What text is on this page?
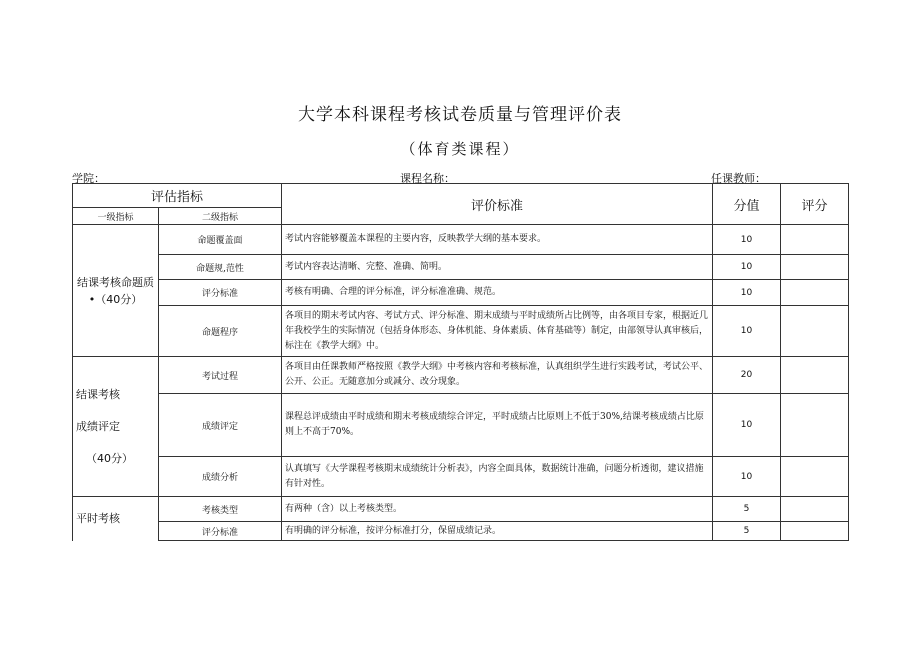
大学本科课程考核试卷质量与管理评价表
（体育类课程）
学院：	课程名称：	任课教师：
评估指标		评价标准	分值	评分
一级指标	二级指标			

结课考核命题质
•（40分）	命题覆盖面	考试内容能够覆盖本课程的主要内容，反映教学大纲的基本要求。	10	
	命题规,范性	考试内容表达清晰、完整、准确、简明。	10	
	评分标准	考核有明确、合理的评分标准，评分标准准确、规范。	10	
	命题程序	各项目的期末考试内容、考试方式、评分标准、期末成绩与平时成绩所占比例等，由各项目专家，根据近几年我校学生的实际情况（包括身体形态、身体机能、身体素质、体育基础等）制定，由部领导认真审核后，标注在《教学大纲》中。	10	

结课考核
成绩评定
（40分）	考试过程	各项目由任课教师严格按照《教学大纲》中考核内容和考核标准，认真组织学生进行实践考试，考试公平、公开、公正。无随意加分或减分、改分现象。	20	
	成绩评定	课程总评成绩由平时成绩和期末考核成绩综合评定，平时成绩占比原则上不低于30%,结课考核成绩占比原则上不高于70%。	10	
	成绩分析	认真填写《大学课程考核期末成绩统计分析表》，内容全面具体，数据统计准确，问题分析透彻，建议措施有针对性。	10	

平时考核	考核类型	有两种（含）以上考核类型。	5	
	评分标准	有明确的评分标准，按评分标准打分，保留成绩记录。	5	
